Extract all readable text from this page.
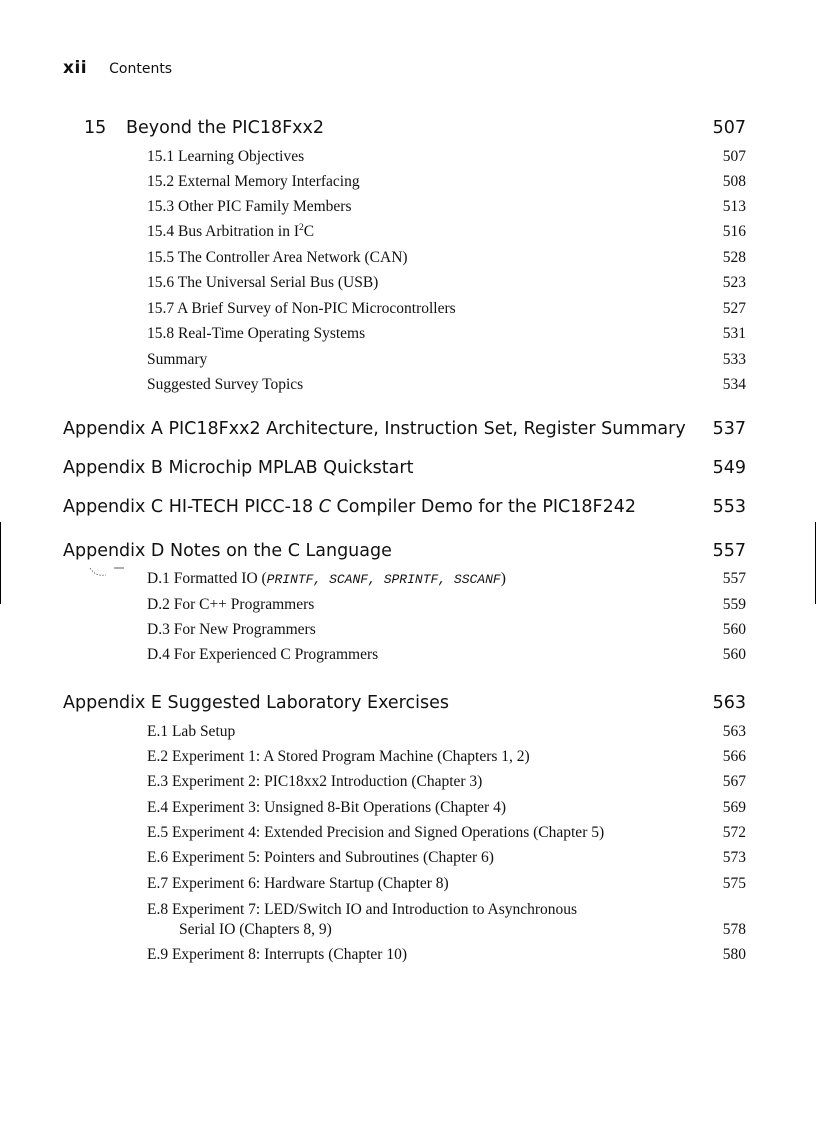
xii Contents
15 Beyond the PIC18Fxx2	507
15.1 Learning Objectives	507
15.2 External Memory Interfacing	508
15.3 Other PIC Family Members	513
15.4 Bus Arbitration in $I^2C$	516
15.5 The Controller Area Network (CAN)	528
15.6 The Universal Serial Bus (USB)	523
15.7 A Brief Survey of Non-PIC Microcontrollers	527
15.8 Real-Time Operating Systems	531
Summary	533
Suggested Survey Topics	534
Appendix A PIC18Fxx2 Architecture, Instruction Set, Register Summary 537
Appendix B Microchip MPLAB Quickstart	549
Appendix C HI-TECH PICC-18 C Compiler Demo for the PIC18F242	553
Appendix D Notes on the C Language	557
D.1 Formatted IO (PRINTF, SCANF, SPRINTF, SSCANF)	557
D.2 For C++ Programmers	559
D.3 For New Programmers	560
D.4 For Experienced C Programmers	560
Appendix E Suggested Laboratory Exercises	563
E.1 Lab Setup	563
E.2 Experiment 1: A Stored Program Machine (Chapters 1, 2)	566
E.3 Experiment 2: PIC18xx2 Introduction (Chapter 3)	567
E.4 Experiment 3: Unsigned 8-Bit Operations (Chapter 4)	569
E.5 Experiment 4: Extended Precision and Signed Operations (Chapter 5)	572
E.6 Experiment 5: Pointers and Subroutines (Chapter 6)	573
E.7 Experiment 6: Hardware Startup (Chapter 8)	575
E.8 Experiment 7: LED/Switch IO and Introduction to Asynchronous
Serial IO (Chapters 8, 9)	578
E.9 Experiment 8: Interrupts (Chapter 10)	580
